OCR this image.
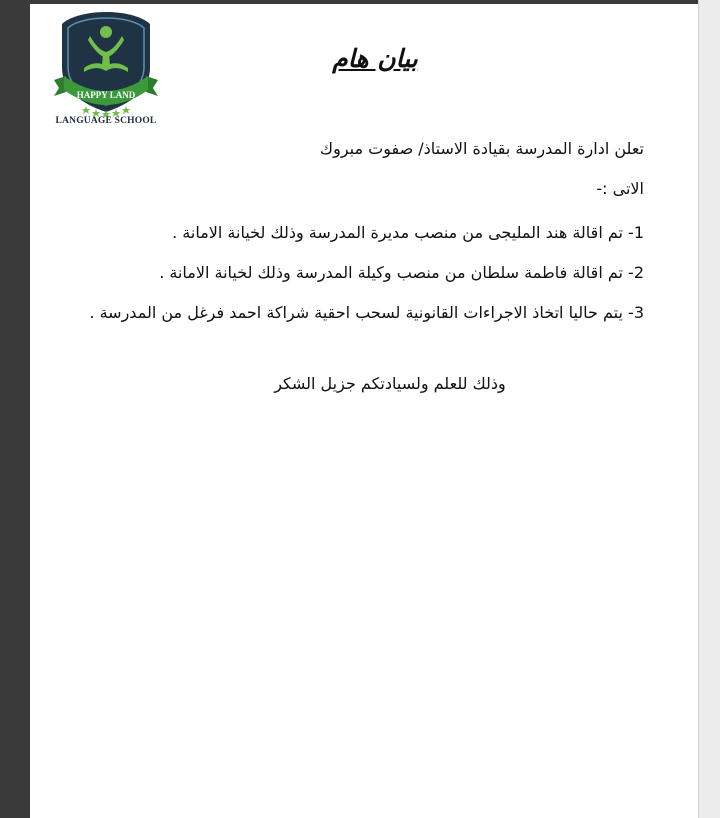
HAPPY LAND
LANGUAGE SCHOOL
بيان هام
تعلن ادارة المدرسة بقيادة الاستاذ/ صفوت مبروك
الاتى :-
1- تم اقالة هند المليجى من منصب مديرة المدرسة وذلك لخيانة الامانة .
2- تم اقالة فاطمة سلطان من منصب وكيلة المدرسة وذلك لخيانة الامانة .
3- يتم حاليا اتخاذ الاجراءات القانونية لسحب احقية شراكة احمد فرغل من المدرسة .
وذلك للعلم ولسيادتكم جزيل الشكر
